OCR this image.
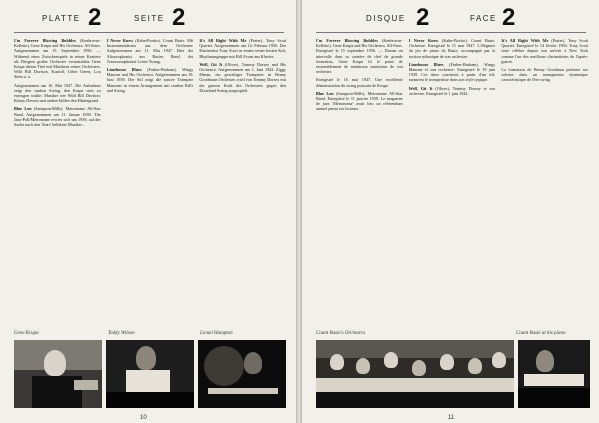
PLATTE 2	SEITE 2
I'm Forever Blowing Bubbles (Kenbrovin-Kellette), Gene Krupa and His Orchestra. All-Stars: Aufgenommen am 15. September 1956. — Während eines Zwischenspiels in seiner Karriere als Dirigent großer Orchester veranstaltete Gene Krupa diesen Titel mit Musikern seines Orchesters. Wild Bill Davison, Kustoff, Urbie Green, Lou Stein u. a.
Aufgenommen am 16. Mai 1947. Die Aufnahme zeigt den starken Swing, den Krupa stets zu erzeugen wußte; Musiker wie Wild Bill Davison, Kenny Davern und andere bilden den Hintergrund.
Blue Lou (Sampson-Mills), Metronome All-Star Band. Aufgenommen am 11. Januar 1939. The Jazz-Poll/Metronome erwies sich um 1939, auf der Suche nach den 'Stars' beliebter Musiker...
I Never Knew (Kahn-Fiorito), Count Basie. Mit Instrumentalisten aus dem Orchester. Aufgenommen am 11. Mai 1947. Hier der Altsaxophonist aus Basies Band, der Tenorsaxophonist Lester Young.
Limehouse Blues (Furber-Braham), Wingy Manone and His Orchestra. Aufgenommen am 19. Juni 1939. Der Stil zeigt die sonore Trompete Manones in einem Arrangement mit starken Riffs und Swing.
It's All Right With Me (Porter), Tony Scott Quartet. Aufgenommen am 14. Februar 1956. Der Klarinettist Tony Scott in einem seiner besten Soli; Rhythmusgruppe mit Bill Evans am Klavier.
Well, Git It (Oliver), Tommy Dorsey and His Orchestra. Aufgenommen am 1. Juni 1942. Ziggy Elman, ein gewaltiger Trompeter in Benny Goodmans Orchester, wird von Tommy Dorsey mit der ganzen Kraft des Orchesters gegen den Dixieland Swing ausgespielt.
Gene Krupa	Teddy Wilson	Lionel Hampton
10
DISQUE 2	FACE 2
I'm Forever Blowing Bubbles (Kenbrovin-Kellette), Gene Krupa and His Orchestra. All-Stars. Enregistré le 15 septembre 1956. — Durant un intervalle dans sa carrière de chef de grande formation, Gene Krupa fit le point de rassemblement de nombreux musiciens de son orchestre.
Enregistré le 16 mai 1947. Une excellente démonstration du swing puissant de Krupa.
Blue Lou (Sampson-Mills), Metronome All-Star Band. Enregistré le 11 janvier 1939. Le magazine de jazz 'Metronome' avait lieu un référendum annuel parmi ses lecteurs.
I Never Knew (Kahn-Fiorito), Count Basie, Orchestre. Enregistré le 11 mai 1947. L'élégance du jeu de piano de Basie, accompagné par la section rythmique de son orchestre.
Limehouse Blues (Furber-Braham), Wingy Manone et son orchestre. Enregistré le 19 juin 1939. Ces titres construits à partir d'un riff, montrent le trompettiste dans son style typique.
Well, Git It (Oliver), Tommy Dorsey et son orchestre. Enregistré le 1 juin 1942.
It's All Right With Me (Porter), Tony Scott Quartet. Enregistré le 14 février 1956. Tony Scott reste célèbre depuis son arrivée à New York comme l'un des meilleurs clarinettistes de l'après-guerre.
La formation de Benny Goodman présente ses solistes dans un arrangement dynamique caractéristique de l'ère swing.
Count Basie's Orchestra	Count Basie at his piano
11
